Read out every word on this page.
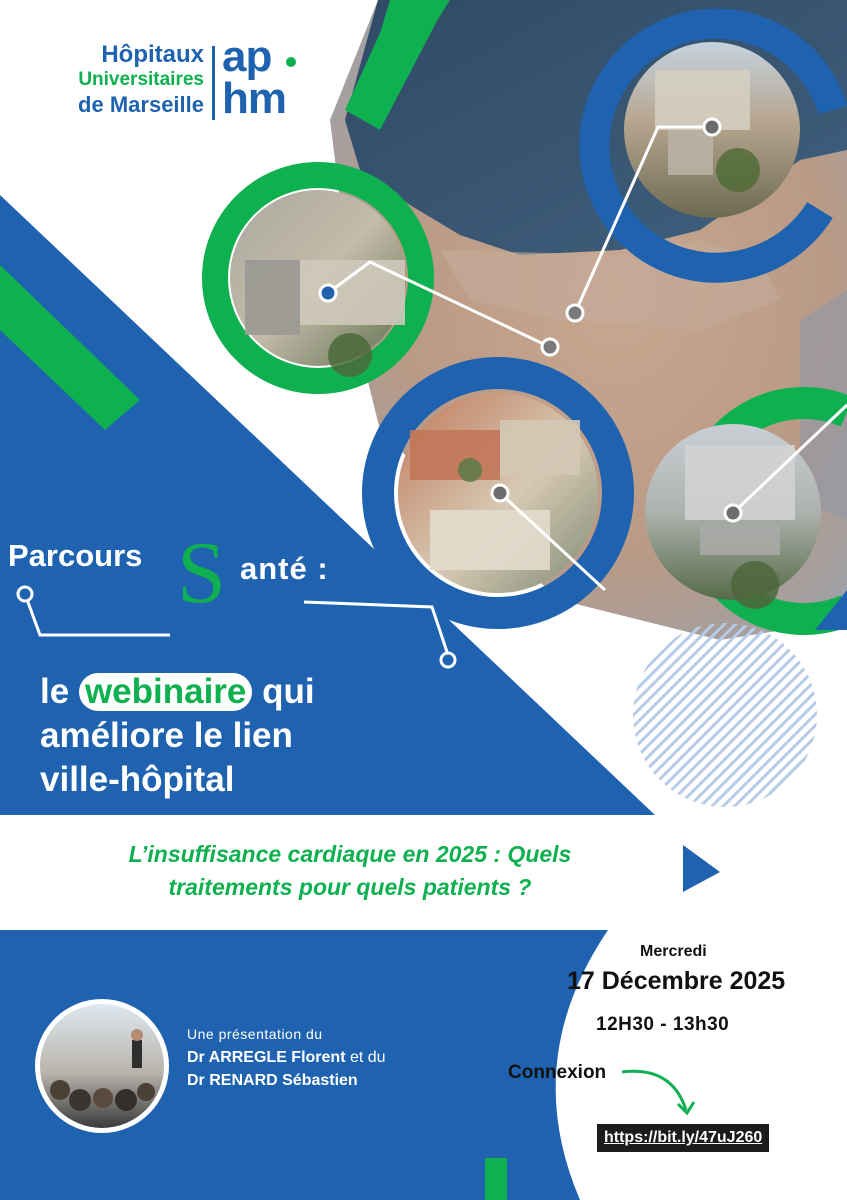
Hôpitaux
Universitaires
de Marseille
ap
hm
Parcours S anté :
le webinaire qui
améliore le lien
ville-hôpital
L’insuffisance cardiaque en 2025 : Quels
traitements pour quels patients ?
Une présentation du
Dr ARREGLE Florent et du
Dr RENARD Sébastien
Mercredi
17 Décembre 2025
12H30 - 13h30
Connexion
https://bit.ly/47uJ260
